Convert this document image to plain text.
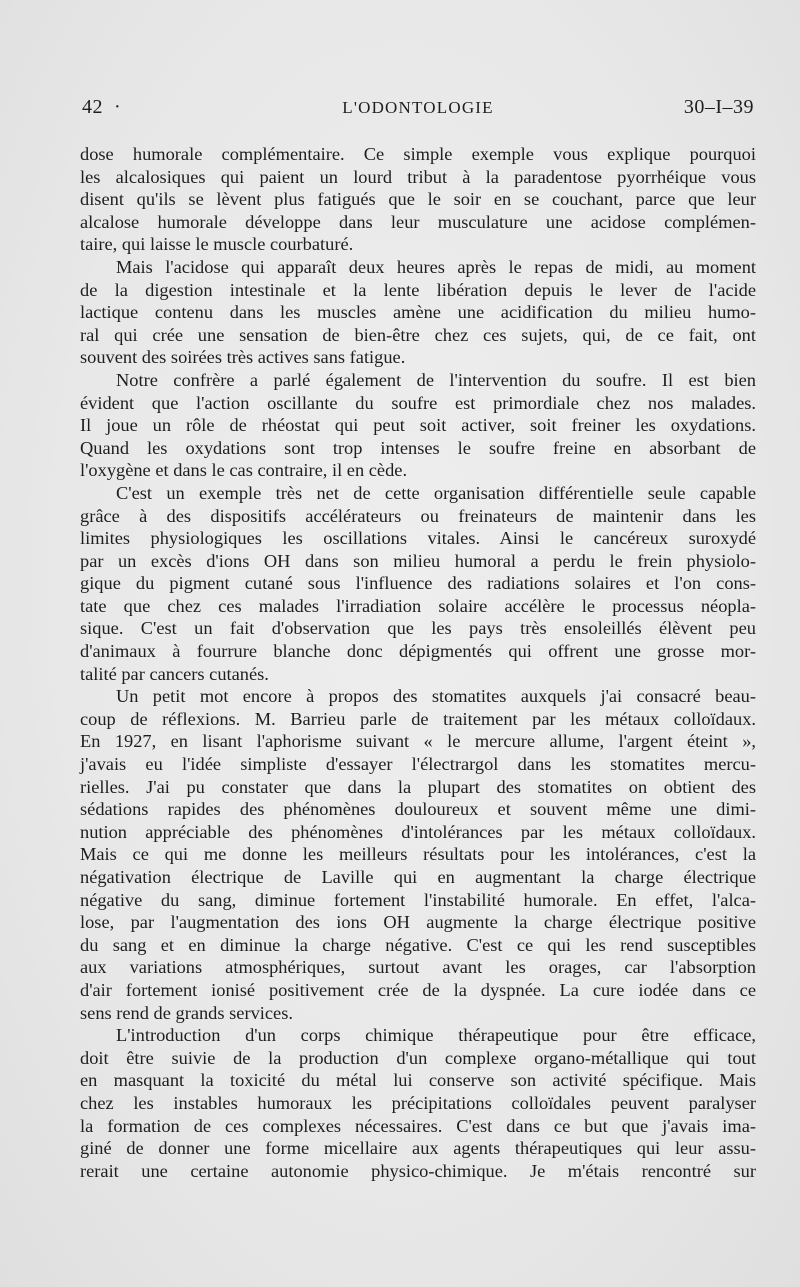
42 ·	L'ODONTOLOGIE	30–I–39

dose humorale complémentaire. Ce simple exemple vous explique pourquoi
les alcalosiques qui paient un lourd tribut à la paradentose pyorrhéique vous
disent qu'ils se lèvent plus fatigués que le soir en se couchant, parce que leur
alcalose humorale développe dans leur musculature une acidose complémen-
taire, qui laisse le muscle courbaturé.

Mais l'acidose qui apparaît deux heures après le repas de midi, au moment
de la digestion intestinale et la lente libération depuis le lever de l'acide
lactique contenu dans les muscles amène une acidification du milieu humo-
ral qui crée une sensation de bien-être chez ces sujets, qui, de ce fait, ont
souvent des soirées très actives sans fatigue.

Notre confrère a parlé également de l'intervention du soufre. Il est bien
évident que l'action oscillante du soufre est primordiale chez nos malades.
Il joue un rôle de rhéostat qui peut soit activer, soit freiner les oxydations.
Quand les oxydations sont trop intenses le soufre freine en absorbant de
l'oxygène et dans le cas contraire, il en cède.

C'est un exemple très net de cette organisation différentielle seule capable
grâce à des dispositifs accélérateurs ou freinateurs de maintenir dans les
limites physiologiques les oscillations vitales. Ainsi le cancéreux suroxydé
par un excès d'ions OH dans son milieu humoral a perdu le frein physiolo-
gique du pigment cutané sous l'influence des radiations solaires et l'on cons-
tate que chez ces malades l'irradiation solaire accélère le processus néopla-
sique. C'est un fait d'observation que les pays très ensoleillés élèvent peu
d'animaux à fourrure blanche donc dépigmentés qui offrent une grosse mor-
talité par cancers cutanés.

Un petit mot encore à propos des stomatites auxquels j'ai consacré beau-
coup de réflexions. M. Barrieu parle de traitement par les métaux colloïdaux.
En 1927, en lisant l'aphorisme suivant « le mercure allume, l'argent éteint »,
j'avais eu l'idée simpliste d'essayer l'électrargol dans les stomatites mercu-
rielles. J'ai pu constater que dans la plupart des stomatites on obtient des
sédations rapides des phénomènes douloureux et souvent même une dimi-
nution appréciable des phénomènes d'intolérances par les métaux colloïdaux.
Mais ce qui me donne les meilleurs résultats pour les intolérances, c'est la
négativation électrique de Laville qui en augmentant la charge électrique
négative du sang, diminue fortement l'instabilité humorale. En effet, l'alca-
lose, par l'augmentation des ions OH augmente la charge électrique positive
du sang et en diminue la charge négative. C'est ce qui les rend susceptibles
aux variations atmosphériques, surtout avant les orages, car l'absorption
d'air fortement ionisé positivement crée de la dyspnée. La cure iodée dans ce
sens rend de grands services.

L'introduction d'un corps chimique thérapeutique pour être efficace,
doit être suivie de la production d'un complexe organo-métallique qui tout
en masquant la toxicité du métal lui conserve son activité spécifique. Mais
chez les instables humoraux les précipitations colloïdales peuvent paralyser
la formation de ces complexes nécessaires. C'est dans ce but que j'avais ima-
giné de donner une forme micellaire aux agents thérapeutiques qui leur assu-
rerait une certaine autonomie physico-chimique. Je m'étais rencontré sur
